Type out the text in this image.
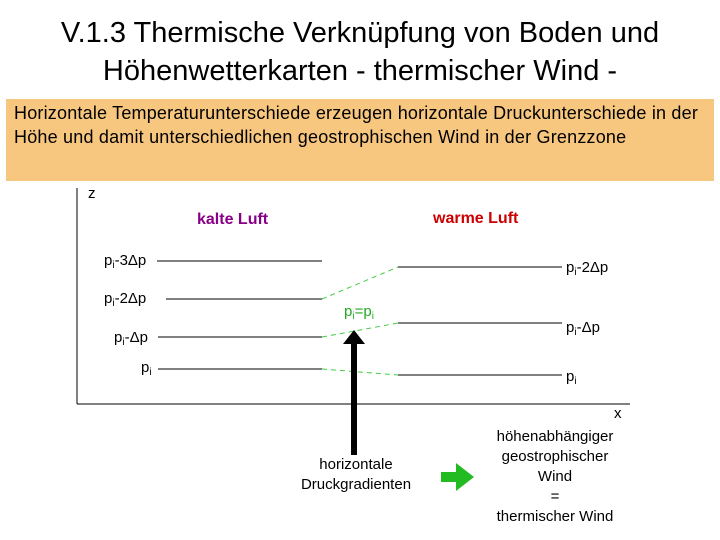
V.1.3 Thermische Verknüpfung von Boden und
Höhenwetterkarten - thermischer Wind -
Horizontale Temperaturunterschiede erzeugen horizontale Druckunterschiede in der Höhe und damit unterschiedlichen geostrophischen Wind in der Grenzzone
z
x
kalte Luft	warme Luft
$p_i-3\Delta p$
$p_i-2\Delta p$
$p_i-\Delta p$
$p_i$
$p_i-2\Delta p$
$p_i-\Delta p$
$p_i$
$p_i=p_i$
horizontale
Druckgradienten
höhenabhängiger
geostrophischer
Wind
=
thermischer Wind
